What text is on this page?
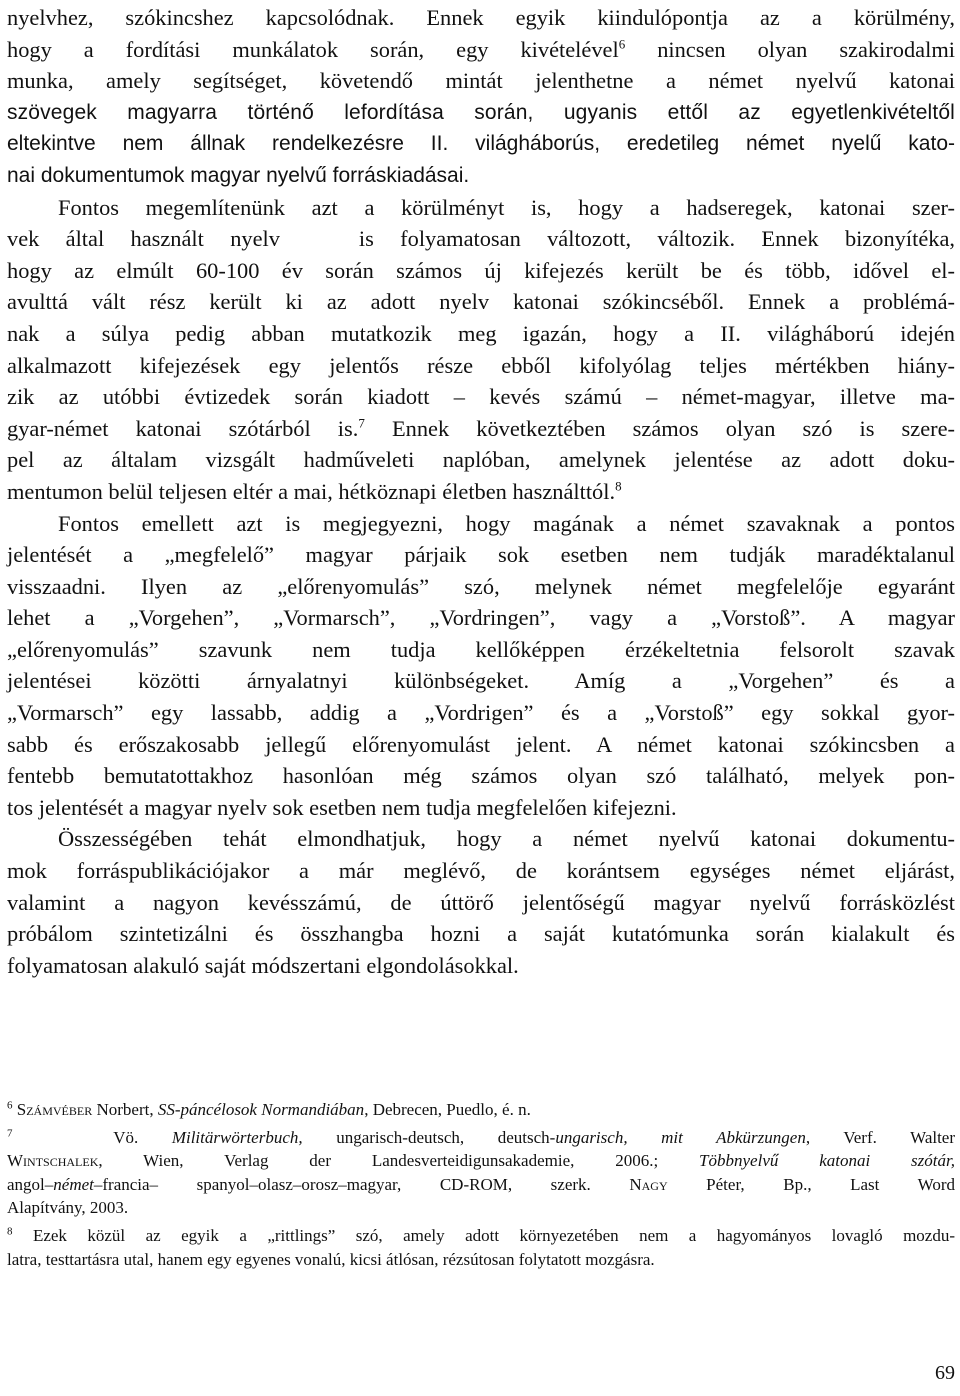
nyelvhez, szókincshez kapcsolódnak. Ennek egyik kiindulópontja az a körülmény,
hogy a fordítási munkálatok során, egy kivételével$^6$ nincsen olyan szakirodalmi
munka, amely segítséget, követendő mintát jelenthetne a német nyelvű katonai
szövegek magyarra történő lefordítása során, ugyanis ettől az egyetlenkivételtől
eltekintve nem állnak rendelkezésre II. világháborús, eredetileg német nyelű kato-
nai dokumentumok magyar nyelvű forráskiadásai.

Fontos megemlítenünk azt a körülményt is, hogy a hadseregek, katonai szer-
vek által használt nyelv   is folyamatosan változott, változik. Ennek bizonyítéka,
hogy az elmúlt 60-100 év során számos új kifejezés került be és több, idővel el-
avulttá vált rész került ki az adott nyelv katonai szókincséből. Ennek a problémá-
nak a súlya pedig abban mutatkozik meg igazán, hogy a II. világháború idején
alkalmazott kifejezések egy jelentős része ebből kifolyólag teljes mértékben hiány-
zik az utóbbi évtizedek során kiadott – kevés számú – német-magyar, illetve ma-
gyar-német katonai szótárból is.$^7$ Ennek következtében számos olyan szó is szere-
pel az általam vizsgált hadműveleti naplóban, amelynek jelentése az adott doku-
mentumon belül teljesen eltér a mai, hétköznapi életben használttól.$^8$

Fontos emellett azt is megjegyezni, hogy magának a német szavaknak a pontos
jelentését a „megfelelő” magyar párjaik sok esetben nem tudják maradéktalanul
visszaadni. Ilyen az „előrenyomulás” szó, melynek német megfelelője egyaránt
lehet a „Vorgehen”, „Vormarsch”, „Vordringen”, vagy a „Vorstoß”. A magyar
„előrenyomulás” szavunk nem tudja kellőképpen érzékeltetnia felsorolt szavak
jelentései közötti árnyalatnyi különbségeket. Amíg a „Vorgehen” és a
„Vormarsch” egy lassabb, addig a „Vordrigen” és a „Vorstoß” egy sokkal gyor-
sabb és erőszakosabb jellegű előrenyomulást jelent. A német katonai szókincsben a
fentebb bemutatottakhoz hasonlóan még számos olyan szó található, melyek pon-
tos jelentését a magyar nyelv sok esetben nem tudja megfelelően kifejezni.

Összességében tehát elmondhatjuk, hogy a német nyelvű katonai dokumentu-
mok forráspublikációjakor a már meglévő, de korántsem egységes német eljárást,
valamint a nagyon kevésszámú, de úttörő jelentőségű magyar nyelvű forrásközlést
próbálom szintetizálni és összhangba hozni a saját kutatómunka során kialakult és
folyamatosan alakuló saját módszertani elgondolásokkal.

$^6$ Számvéber Norbert, SS-páncélosok Normandiában, Debrecen, Puedlo, é. n.

$^7$	Vö. Militärwörterbuch, ungarisch-deutsch, deutsch-ungarisch, mit Abkürzungen, Verf. Walter
Wintschalek, Wien, Verlag der Landesverteidigunsakademie, 2006.; Többnyelvű katonai szótár,
angol–német–francia– spanyol–olasz–orosz–magyar, CD-ROM, szerk. Nagy Péter, Bp., Last Word
Alapítvány, 2003.

$^8$ Ezek közül az egyik a „rittlings” szó, amely adott környezetében nem a hagyományos lovagló mozdu-
latra, testtartásra utal, hanem egy egyenes vonalú, kicsi átlósan, rézsútosan folytatott mozgásra.

69
